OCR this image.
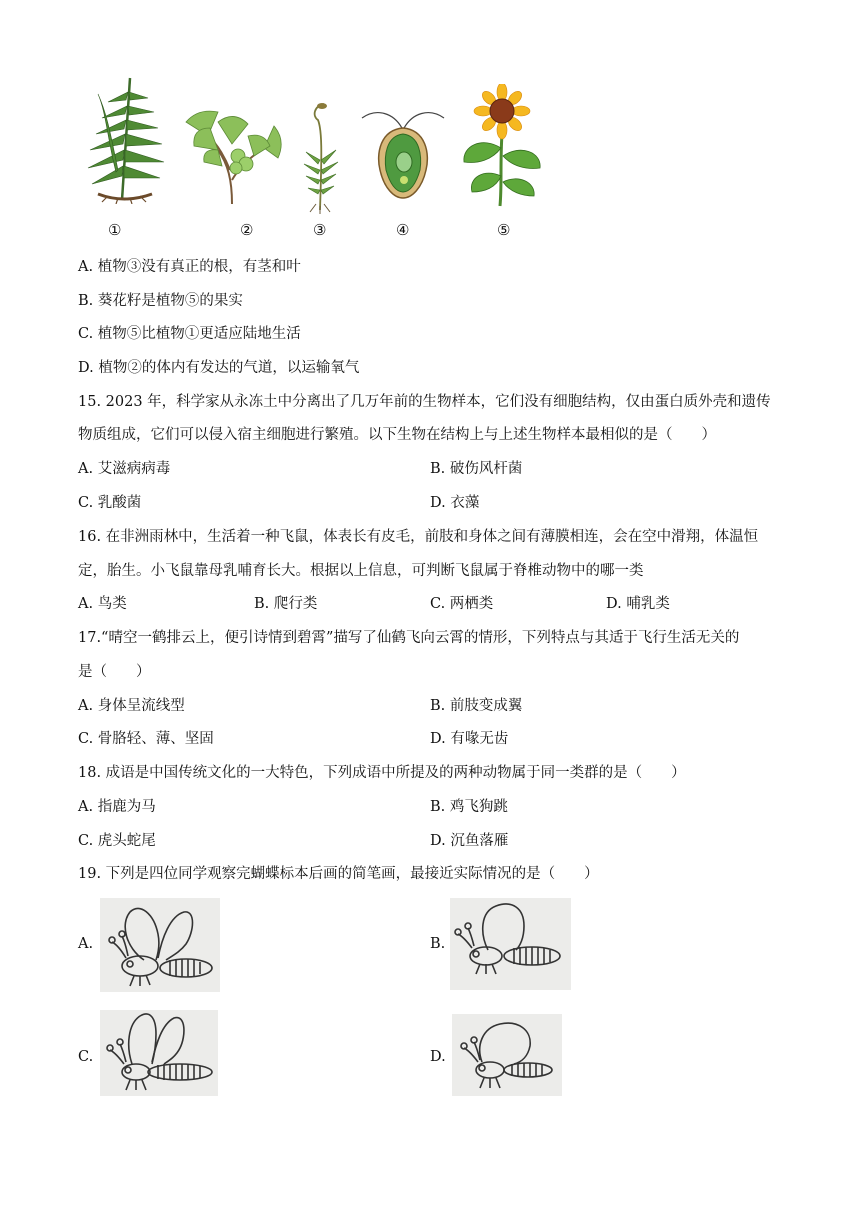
①	②	③	④	⑤
A. 植物③没有真正的根，有茎和叶
B. 葵花籽是植物⑤的果实
C. 植物⑤比植物①更适应陆地生活
D. 植物②的体内有发达的气道，以运输氧气
15. 2023 年，科学家从永冻土中分离出了几万年前的生物样本，它们没有细胞结构，仅由蛋白质外壳和遗传
物质组成，它们可以侵入宿主细胞进行繁殖。以下生物在结构上与上述生物样本最相似的是（　　）
A. 艾滋病病毒	B. 破伤风杆菌
C. 乳酸菌	D. 衣藻
16. 在非洲雨林中，生活着一种飞鼠，体表长有皮毛，前肢和身体之间有薄膜相连，会在空中滑翔，体温恒
定，胎生。小飞鼠靠母乳哺育长大。根据以上信息，可判断飞鼠属于脊椎动物中的哪一类
A. 鸟类	B. 爬行类	C. 两栖类	D. 哺乳类
17.“晴空一鹤排云上，便引诗情到碧霄”描写了仙鹤飞向云霄的情形，下列特点与其适于飞行生活无关的
是（　　）
A. 身体呈流线型	B. 前肢变成翼
C. 骨胳轻、薄、坚固	D. 有喙无齿
18. 成语是中国传统文化的一大特色，下列成语中所提及的两种动物属于同一类群的是（　　）
A. 指鹿为马	B. 鸡飞狗跳
C. 虎头蛇尾	D. 沉鱼落雁
19. 下列是四位同学观察完蝴蝶标本后画的简笔画，最接近实际情况的是（　　）
A.	B.
C.	D.
